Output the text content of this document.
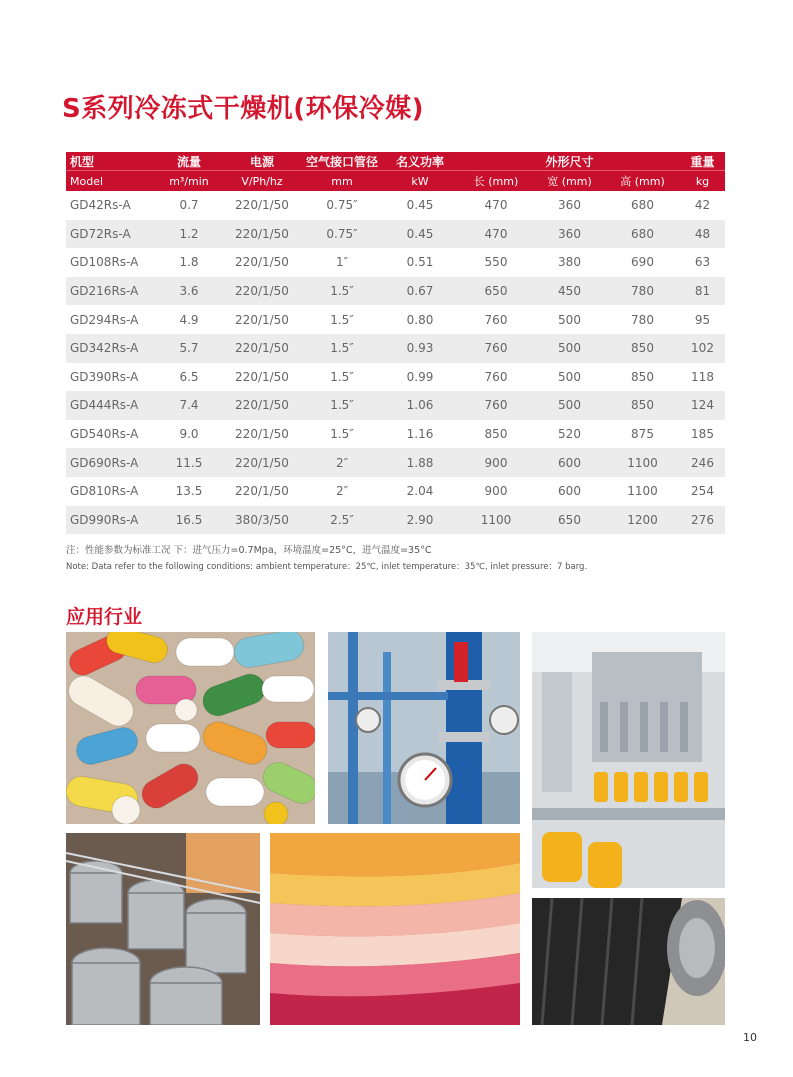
S系列冷冻式干燥机(环保冷媒)
机型	流量	电源	空气接口管径	名义功率		外形尺寸		重量
Model	m³/min	V/Ph/hz	mm	kW	长 (mm)	宽 (mm)	高 (mm)	kg
GD42Rs-A	0.7	220/1/50	0.75″	0.45	470	360	680	42
GD72Rs-A	1.2	220/1/50	0.75″	0.45	470	360	680	48
GD108Rs-A	1.8	220/1/50	1″	0.51	550	380	690	63
GD216Rs-A	3.6	220/1/50	1.5″	0.67	650	450	780	81
GD294Rs-A	4.9	220/1/50	1.5″	0.80	760	500	780	95
GD342Rs-A	5.7	220/1/50	1.5″	0.93	760	500	850	102
GD390Rs-A	6.5	220/1/50	1.5″	0.99	760	500	850	118
GD444Rs-A	7.4	220/1/50	1.5″	1.06	760	500	850	124
GD540Rs-A	9.0	220/1/50	1.5″	1.16	850	520	875	185
GD690Rs-A	11.5	220/1/50	2″	1.88	900	600	1100	246
GD810Rs-A	13.5	220/1/50	2″	2.04	900	600	1100	254
GD990Rs-A	16.5	380/3/50	2.5″	2.90	1100	650	1200	276
注：性能参数为标准工况 下：进气压力=0.7Mpa，环境温度=25°C，进气温度=35°C
Note: Data refer to the following conditions: ambient temperature：25℃, inlet temperature：35℃, inlet pressure：7 barg.
应用行业
10
